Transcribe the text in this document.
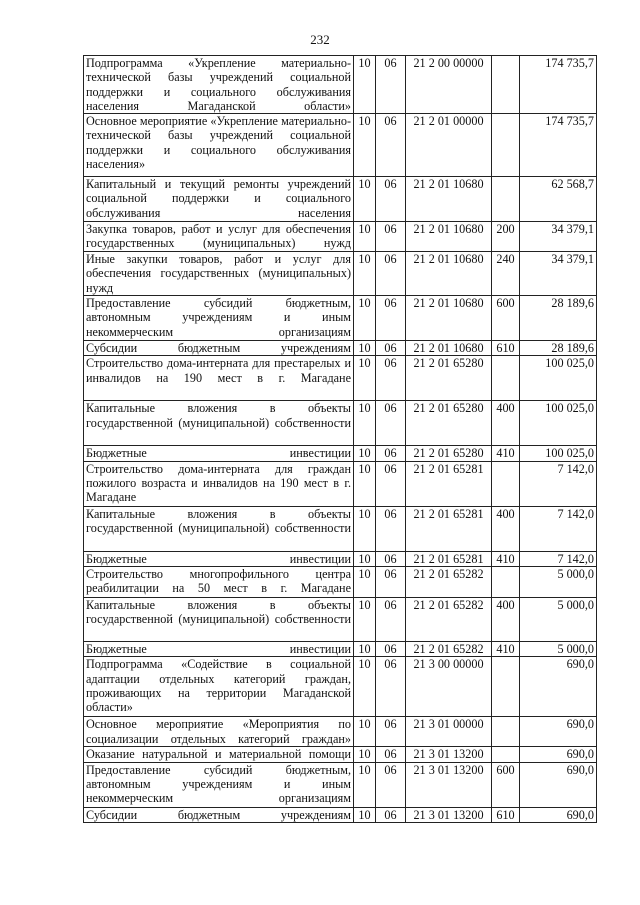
232
Подпрограмма «Укрепление материально-технической базы учреждений социальной поддержки и социального обслуживания населения Магаданской области»	10	06	21 2 00 00000		174 735,7
Основное мероприятие «Укрепление материально-технической базы учреждений социальной поддержки и социального обслуживания населения»	10	06	21 2 01 00000		174 735,7
Капитальный и текущий ремонты учреждений социальной поддержки и социального обслуживания населения	10	06	21 2 01 10680		62 568,7
Закупка товаров, работ и услуг для обеспечения государственных (муниципальных) нужд	10	06	21 2 01 10680	200	34 379,1
Иные закупки товаров, работ и услуг для обеспечения государственных (муниципальных) нужд	10	06	21 2 01 10680	240	34 379,1
Предоставление субсидий бюджетным, автономным учреждениям и иным некоммерческим организациям	10	06	21 2 01 10680	600	28 189,6
Субсидии бюджетным учреждениям	10	06	21 2 01 10680	610	28 189,6
Строительство дома-интерната для престарелых и инвалидов на 190 мест в г. Магадане	10	06	21 2 01 65280		100 025,0
Капитальные вложения в объекты государственной (муниципальной) собственности	10	06	21 2 01 65280	400	100 025,0
Бюджетные инвестиции	10	06	21 2 01 65280	410	100 025,0
Строительство дома-интерната для граждан пожилого возраста и инвалидов на 190 мест в г. Магадане	10	06	21 2 01 65281		7 142,0
Капитальные вложения в объекты государственной (муниципальной) собственности	10	06	21 2 01 65281	400	7 142,0
Бюджетные инвестиции	10	06	21 2 01 65281	410	7 142,0
Строительство многопрофильного центра реабилитации на 50 мест в г. Магадане	10	06	21 2 01 65282		5 000,0
Капитальные вложения в объекты государственной (муниципальной) собственности	10	06	21 2 01 65282	400	5 000,0
Бюджетные инвестиции	10	06	21 2 01 65282	410	5 000,0
Подпрограмма «Содействие в социальной адаптации отдельных категорий граждан, проживающих на территории Магаданской области»	10	06	21 3 00 00000		690,0
Основное мероприятие «Мероприятия по социализации отдельных категорий граждан»	10	06	21 3 01 00000		690,0
Оказание натуральной и материальной помощи	10	06	21 3 01 13200		690,0
Предоставление субсидий бюджетным, автономным учреждениям и иным некоммерческим организациям	10	06	21 3 01 13200	600	690,0
Субсидии бюджетным учреждениям	10	06	21 3 01 13200	610	690,0
